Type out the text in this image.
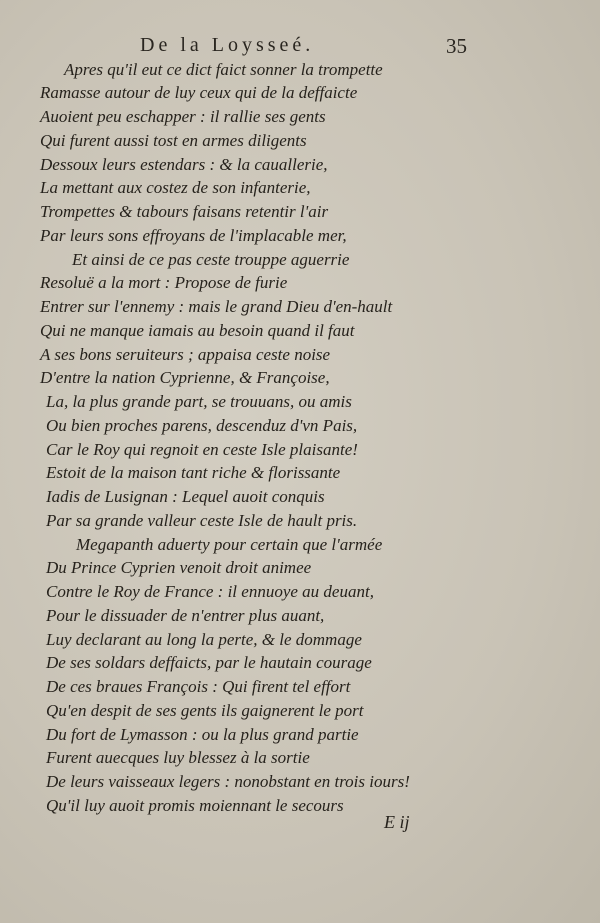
De la Loysseé.	35
Apres qu'il eut ce dict faict sonner la trompette
Ramasse autour de luy ceux qui de la deffaicte
Auoient peu eschapper : il rallie ses gents
Qui furent aussi tost en armes diligents
Dessoux leurs estendars : & la cauallerie,
La mettant aux costez de son infanterie,
Trompettes & tabours faisans retentir l'air
Par leurs sons effroyans de l'implacable mer,
Et ainsi de ce pas ceste trouppe aguerrie
Resoluë a la mort : Propose de furie
Entrer sur l'ennemy : mais le grand Dieu d'en-hault
Qui ne manque iamais au besoin quand il faut
A ses bons seruiteurs ; appaisa ceste noise
D'entre la nation Cyprienne, & Françoise,
La, la plus grande part, se trouuans, ou amis
Ou bien proches parens, descenduz d'vn Pais,
Car le Roy qui regnoit en ceste Isle plaisante!
Estoit de la maison tant riche & florissante
Iadis de Lusignan : Lequel auoit conquis
Par sa grande valleur ceste Isle de hault pris.
Megapanth aduerty pour certain que l'armée
Du Prince Cyprien venoit droit animee
Contre le Roy de France : il ennuoye au deuant,
Pour le dissuader de n'entrer plus auant,
Luy declarant au long la perte, & le dommage
De ses soldars deffaicts, par le hautain courage
De ces braues François : Qui firent tel effort
Qu'en despit de ses gents ils gaignerent le port
Du fort de Lymasson : ou la plus grand partie
Furent auecques luy blessez à la sortie
De leurs vaisseaux legers : nonobstant en trois iours!
Qu'il luy auoit promis moiennant le secours
E ij
